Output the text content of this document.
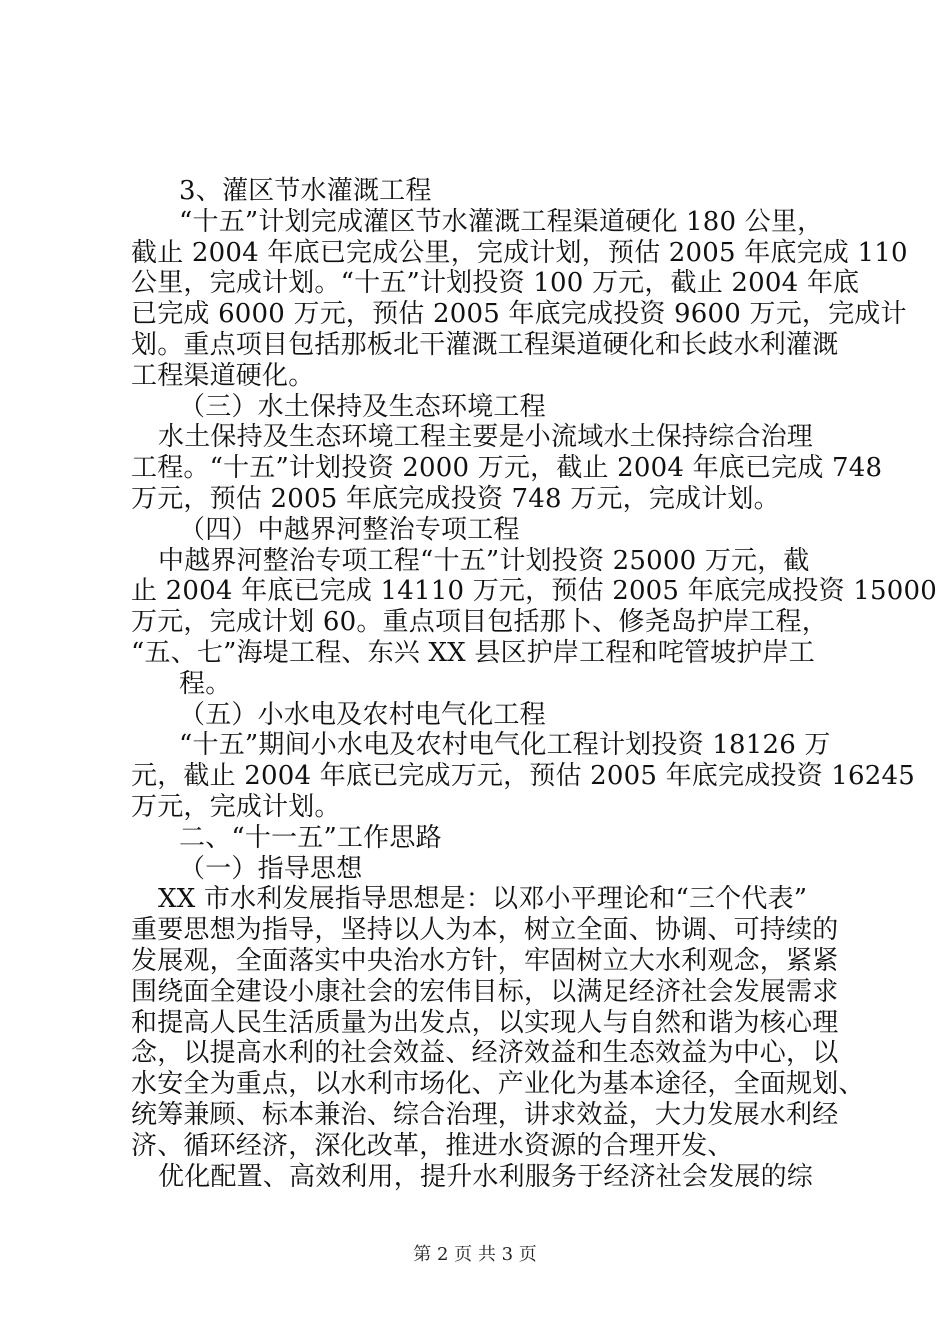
3、灌区节水灌溉工程
“十五”计划完成灌区节水灌溉工程渠道硬化 180 公里，
截止 2004 年底已完成公里，完成计划，预估 2005 年底完成 110
公里，完成计划。“十五”计划投资 100 万元，截止 2004 年底
已完成 6000 万元，预估 2005 年底完成投资 9600 万元，完成计
划。重点项目包括那板北干灌溉工程渠道硬化和长歧水利灌溉
工程渠道硬化。
（三）水土保持及生态环境工程
水土保持及生态环境工程主要是小流域水土保持综合治理
工程。“十五”计划投资 2000 万元，截止 2004 年底已完成 748
万元，预估 2005 年底完成投资 748 万元，完成计划。
（四）中越界河整治专项工程
中越界河整治专项工程“十五”计划投资 25000 万元，截
止 2004 年底已完成 14110 万元，预估 2005 年底完成投资 15000
万元，完成计划 60。重点项目包括那卜、修尧岛护岸工程，
“五、七”海堤工程、东兴 XX 县区护岸工程和咤管坡护岸工
程。
（五）小水电及农村电气化工程
“十五”期间小水电及农村电气化工程计划投资 18126 万
元，截止 2004 年底已完成万元，预估 2005 年底完成投资 16245
万元，完成计划。
二、“十一五”工作思路
（一）指导思想
XX 市水利发展指导思想是：以邓小平理论和“三个代表”
重要思想为指导，坚持以人为本，树立全面、协调、可持续的
发展观，全面落实中央治水方针，牢固树立大水利观念，紧紧
围绕面全建设小康社会的宏伟目标，以满足经济社会发展需求
和提高人民生活质量为出发点，以实现人与自然和谐为核心理
念，以提高水利的社会效益、经济效益和生态效益为中心，以
水安全为重点，以水利市场化、产业化为基本途径，全面规划、
统筹兼顾、标本兼治、综合治理，讲求效益，大力发展水利经
济、循环经济，深化改革，推进水资源的合理开发、
优化配置、高效利用，提升水利服务于经济社会发展的综
第 2 页 共 3 页
